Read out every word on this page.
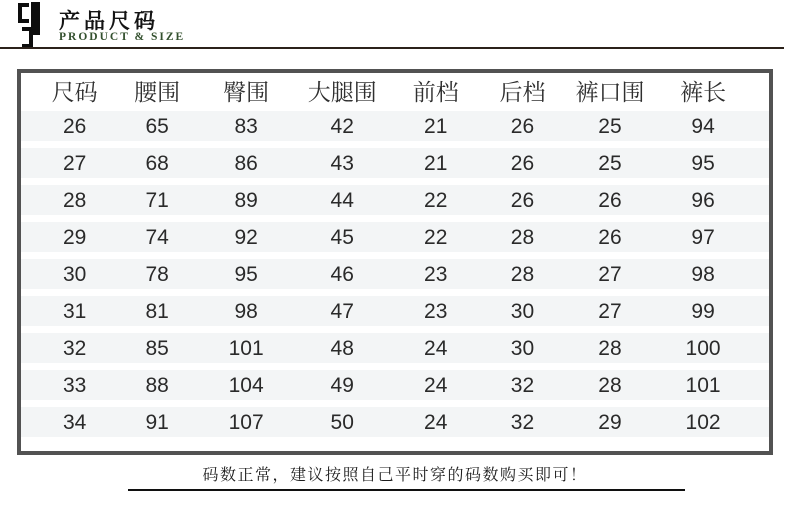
产品尺码
PRODUCT & SIZE
尺码	腰围	臀围	大腿围	前档	后档	裤口围	裤长
26	65	83	42	21	26	25	94
27	68	86	43	21	26	25	95
28	71	89	44	22	26	26	96
29	74	92	45	22	28	26	97
30	78	95	46	23	28	27	98
31	81	98	47	23	30	27	99
32	85	101	48	24	30	28	100
33	88	104	49	24	32	28	101
34	91	107	50	24	32	29	102
码数正常，建议按照自己平时穿的码数购买即可！
